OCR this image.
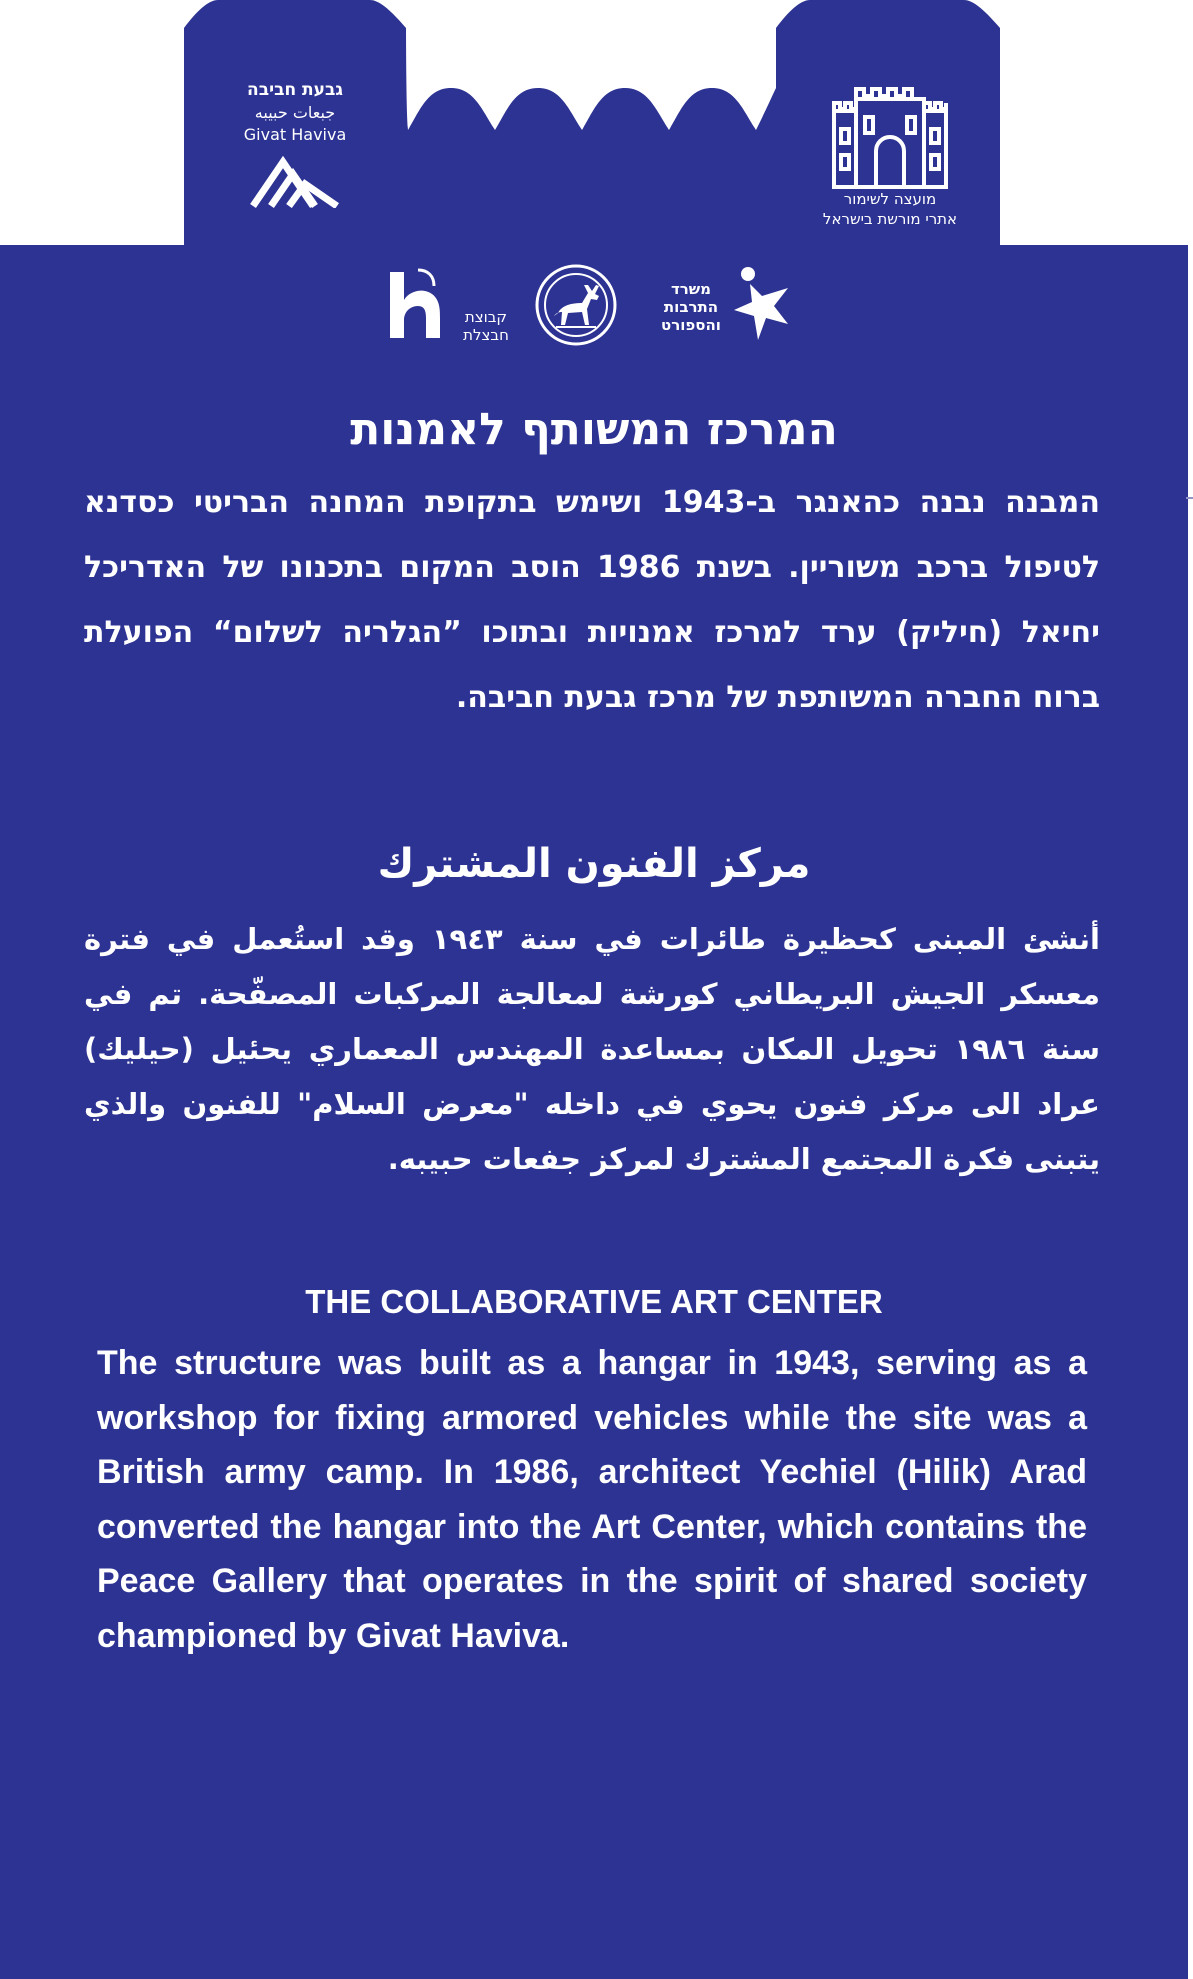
גבעת חביבה
جبعات حبيبه
Givat Haviva
מועצה לשימור
אתרי מורשת בישראל
קבוצת חבצלת
משרד התרבות והספורט
המרכז המשותף לאמנות

המבנה נבנה כהאנגר ב-1943 ושימש בתקופת המחנה הבריטי כסדנא לטיפול ברכב משוריין. בשנת 1986 הוסב המקום בתכנונו של האדריכל יחיאל (חיליק) ערד למרכז אמנויות ובתוכו ”הגלריה לשלום“ הפועלת ברוח החברה המשותפת של מרכז גבעת חביבה.

مركز الفنون المشترك

أنشئ المبنى كحظيرة طائرات في سنة ١٩٤٣ وقد استُعمل في فترة معسكر الجيش البريطاني كورشة لمعالجة المركبات المصفّحة. تم في سنة ١٩٨٦ تحويل المكان بمساعدة المهندس المعماري يحئيل (حيليك) عراد الى مركز فنون يحوي في داخله "معرض السلام" للفنون والذي يتبنى فكرة المجتمع المشترك لمركز جفعات حبيبه.

THE COLLABORATIVE ART CENTER

The structure was built as a hangar in 1943, serving as a workshop for fixing armored vehicles while the site was a British army camp. In 1986, architect Yechiel (Hilik) Arad converted the hangar into the Art Center, which contains the Peace Gallery that operates in the spirit of shared society championed by Givat Haviva.
